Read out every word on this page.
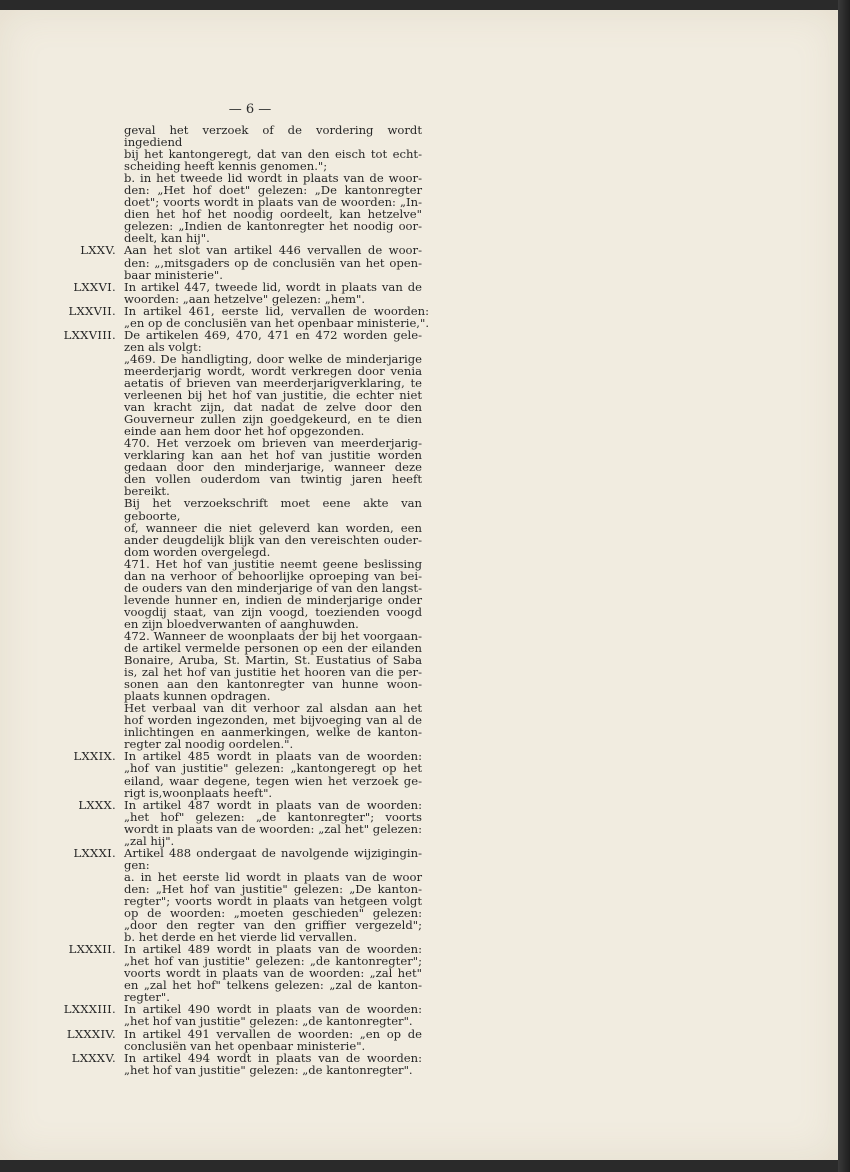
— 6 —
geval het verzoek of de vordering wordt ingediend
bij het kantongeregt, dat van den eisch tot echt-
scheiding heeft kennis genomen.";
b. in het tweede lid wordt in plaats van de woor-
den: „Het hof doet" gelezen: „De kantonregter
doet"; voorts wordt in plaats van de woorden: „In-
dien het hof het noodig oordeelt, kan hetzelve"
gelezen: „Indien de kantonregter het noodig oor-
deelt, kan hij".
LXXV. Aan het slot van artikel 446 vervallen de woor-
den: „,mitsgaders op de conclusiën van het open-
baar ministerie".
LXXVI. In artikel 447, tweede lid, wordt in plaats van de
woorden: „aan hetzelve" gelezen: „hem".
LXXVII. In artikel 461, eerste lid, vervallen de woorden:
„en op de conclusiën van het openbaar ministerie,".
LXXVIII. De artikelen 469, 470, 471 en 472 worden gele-
zen als volgt:
„469. De handligting, door welke de minderjarige
meerderjarig wordt, wordt verkregen door venia
aetatis of brieven van meerderjarigverklaring, te
verleenen bij het hof van justitie, die echter niet
van kracht zijn, dat nadat de zelve door den
Gouverneur zullen zijn goedgekeurd, en te dien
einde aan hem door het hof opgezonden.
470. Het verzoek om brieven van meerderjarig-
verklaring kan aan het hof van justitie worden
gedaan door den minderjarige, wanneer deze
den vollen ouderdom van twintig jaren heeft
bereikt.
Bij het verzoekschrift moet eene akte van geboorte,
of, wanneer die niet geleverd kan worden, een
ander deugdelijk blijk van den vereischten ouder-
dom worden overgelegd.
471. Het hof van justitie neemt geene beslissing
dan na verhoor of behoorlijke oproeping van bei-
de ouders van den minderjarige of van den langst-
levende hunner en, indien de minderjarige onder
voogdij staat, van zijn voogd, toezienden voogd
en zijn bloedverwanten of aanghuwden.
472. Wanneer de woonplaats der bij het voorgaan-
de artikel vermelde personen op een der eilanden
Bonaire, Aruba, St. Martin, St. Eustatius of Saba
is, zal het hof van justitie het hooren van die per-
sonen aan den kantonregter van hunne woon-
plaats kunnen opdragen.
Het verbaal van dit verhoor zal alsdan aan het
hof worden ingezonden, met bijvoeging van al de
inlichtingen en aanmerkingen, welke de kanton-
regter zal noodig oordelen.".
LXXIX. In artikel 485 wordt in plaats van de woorden:
„hof van justitie" gelezen: „kantongeregt op het
eiland, waar degene, tegen wien het verzoek ge-
rigt is,woonplaats heeft".
LXXX. In artikel 487 wordt in plaats van de woorden:
„het hof" gelezen: „de kantonregter"; voorts
wordt in plaats van de woorden: „zal het" gelezen:
„zal hij".
LXXXI. Artikel 488 ondergaat de navolgende wijzigingin-
gen:
a. in het eerste lid wordt in plaats van de woor
den: „Het hof van justitie" gelezen: „De kanton-
regter"; voorts wordt in plaats van hetgeen volgt
op de woorden: „moeten geschieden" gelezen:
„door den regter van den griffier vergezeld";
b. het derde en het vierde lid vervallen.
LXXXII. In artikel 489 wordt in plaats van de woorden:
„het hof van justitie" gelezen: „de kantonregter";
voorts wordt in plaats van de woorden: „zal het"
en „zal het hof" telkens gelezen: „zal de kanton-
regter".
LXXXIII. In artikel 490 wordt in plaats van de woorden:
„het hof van justitie" gelezen: „de kantonregter".
LXXXIV. In artikel 491 vervallen de woorden: „en op de
conclusiën van het openbaar ministerie".
LXXXV. In artikel 494 wordt in plaats van de woorden:
„het hof van justitie" gelezen: „de kantonregter".
